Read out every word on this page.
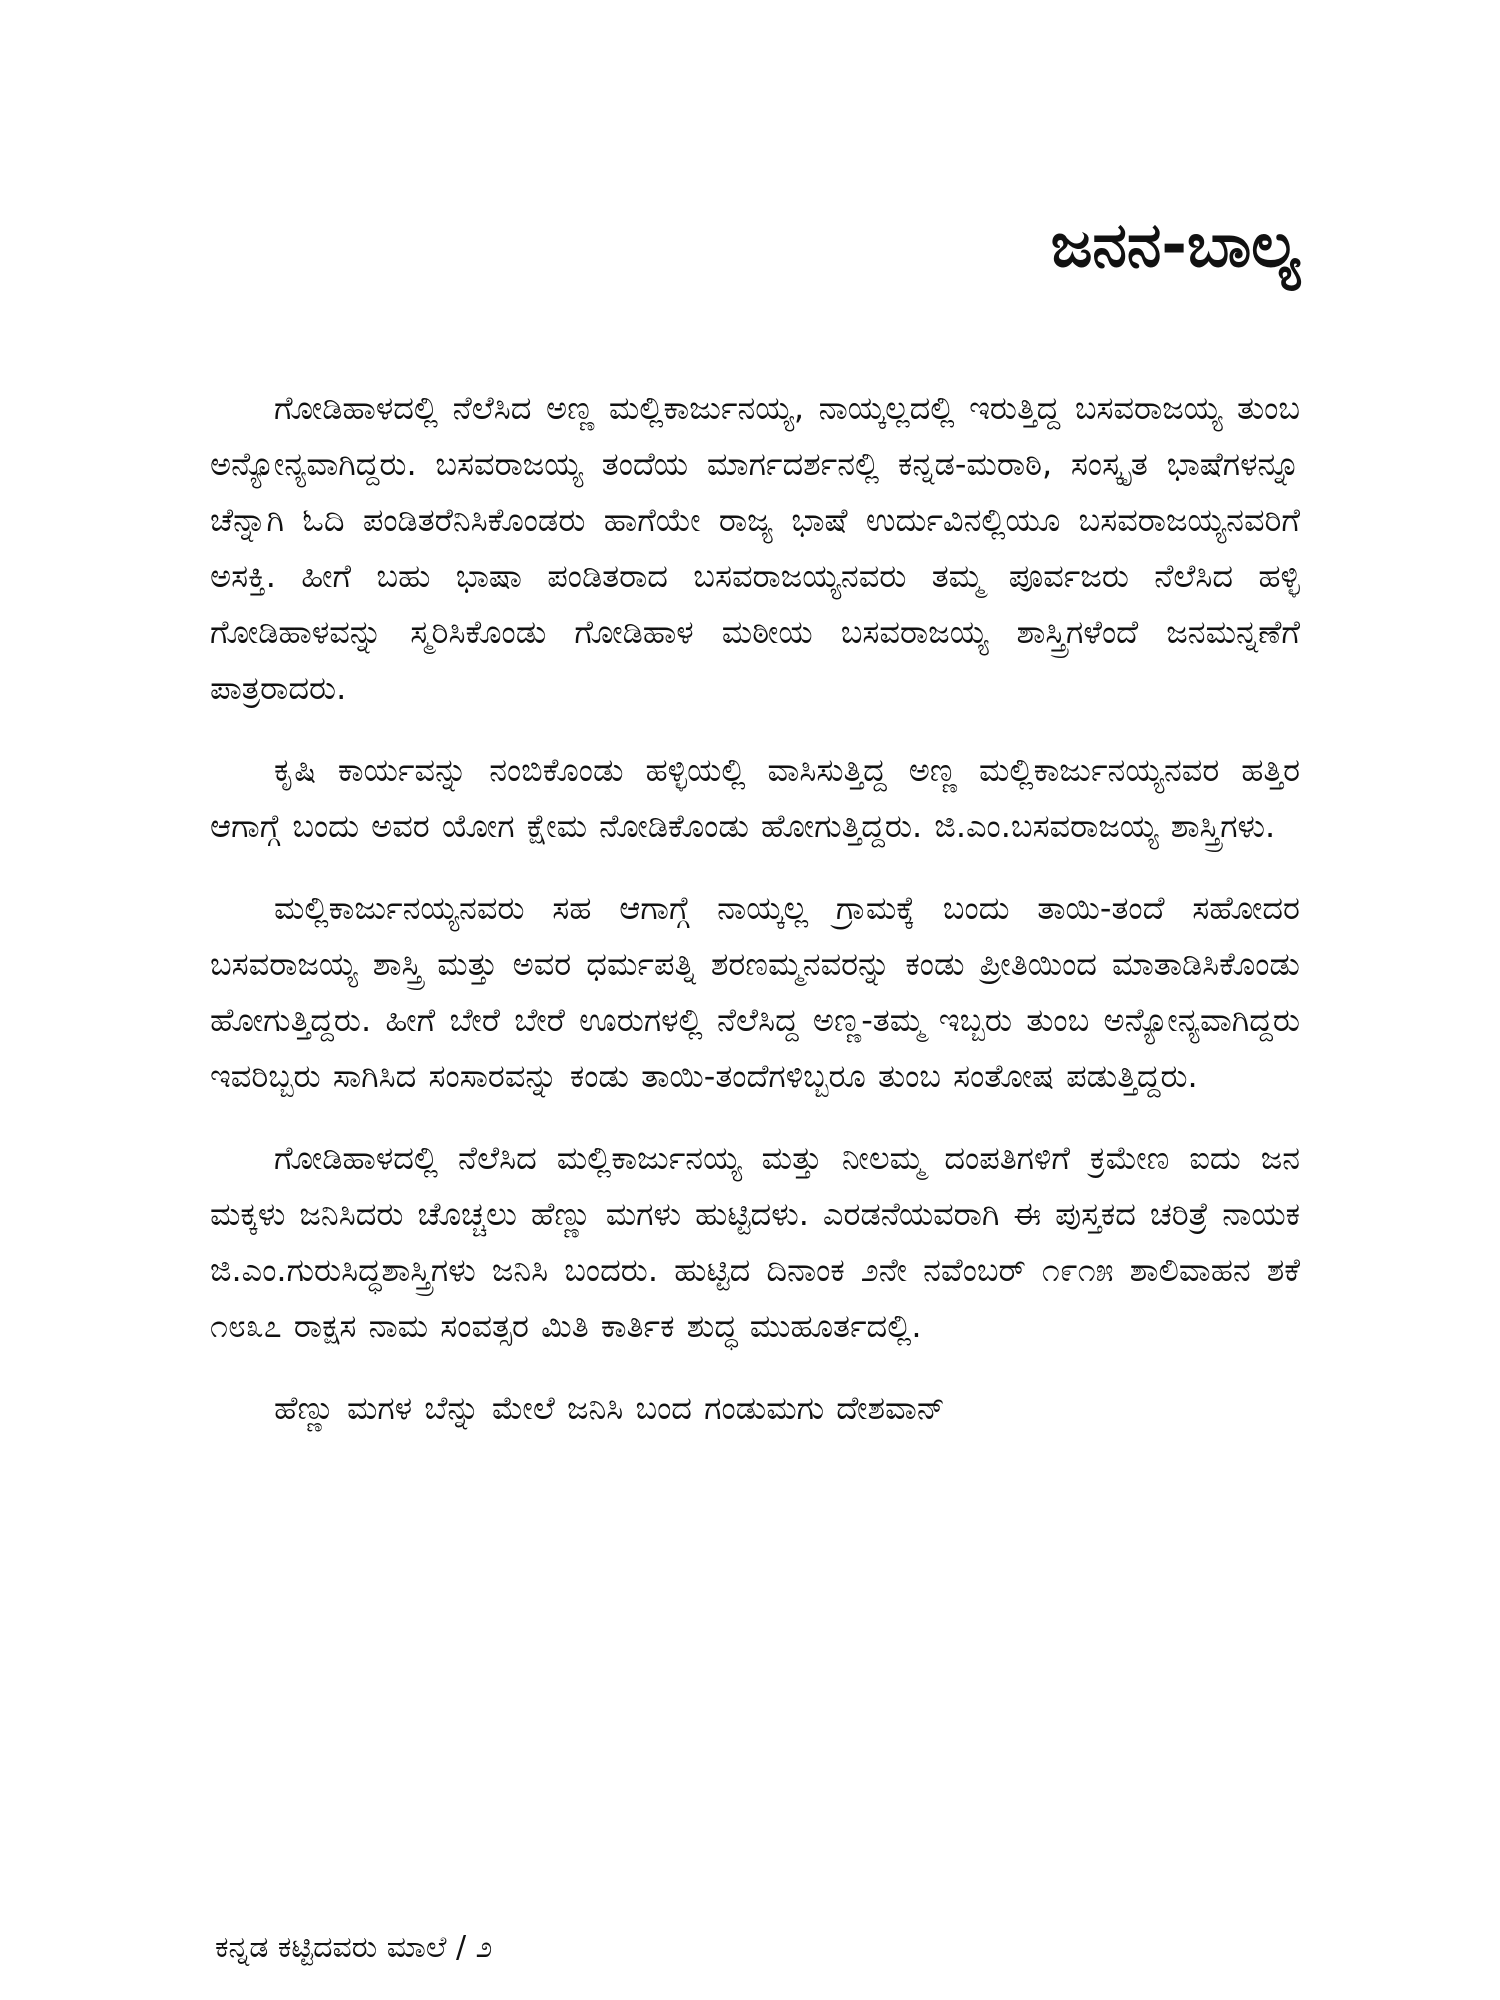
ಜನನ-ಬಾಲ್ಯ

ಗೋಡಿಹಾಳದಲ್ಲಿ ನೆಲೆಸಿದ ಅಣ್ಣ ಮಲ್ಲಿಕಾರ್ಜುನಯ್ಯ, ನಾಯ್ಕಲ್ಲದಲ್ಲಿ ಇರುತ್ತಿದ್ದ ಬಸವರಾಜಯ್ಯ ತುಂಬ ಅನ್ಯೋನ್ಯವಾಗಿದ್ದರು. ಬಸವರಾಜಯ್ಯ ತಂದೆಯ ಮಾರ್ಗದರ್ಶನಲ್ಲಿ ಕನ್ನಡ-ಮರಾಠಿ, ಸಂಸ್ಕೃತ ಭಾಷೆಗಳನ್ನೂ ಚೆನ್ನಾಗಿ ಓದಿ ಪಂಡಿತರೆನಿಸಿಕೊಂಡರು ಹಾಗೆಯೇ ರಾಜ್ಯ ಭಾಷೆ ಉರ್ದುವಿನಲ್ಲಿಯೂ ಬಸವರಾಜಯ್ಯನವರಿಗೆ ಅಸಕ್ತಿ. ಹೀಗೆ ಬಹು ಭಾಷಾ ಪಂಡಿತರಾದ ಬಸವರಾಜಯ್ಯನವರು ತಮ್ಮ ಪೂರ್ವಜರು ನೆಲೆಸಿದ ಹಳ್ಳಿ ಗೋಡಿಹಾಳವನ್ನು ಸ್ಮರಿಸಿಕೊಂಡು ಗೋಡಿಹಾಳ ಮಠೀಯ ಬಸವರಾಜಯ್ಯ ಶಾಸ್ತ್ರಿಗಳೆಂದೆ ಜನಮನ್ನಣೆಗೆ ಪಾತ್ರರಾದರು.

ಕೃಷಿ ಕಾರ್ಯವನ್ನು ನಂಬಿಕೊಂಡು ಹಳ್ಳಿಯಲ್ಲಿ ವಾಸಿಸುತ್ತಿದ್ದ ಅಣ್ಣ ಮಲ್ಲಿಕಾರ್ಜುನಯ್ಯನವರ ಹತ್ತಿರ ಆಗಾಗ್ಗೆ ಬಂದು ಅವರ ಯೋಗ ಕ್ಷೇಮ ನೋಡಿಕೊಂಡು ಹೋಗುತ್ತಿದ್ದರು. ಜಿ.ಎಂ.ಬಸವರಾಜಯ್ಯ ಶಾಸ್ತ್ರಿಗಳು.

ಮಲ್ಲಿಕಾರ್ಜುನಯ್ಯನವರು ಸಹ ಆಗಾಗ್ಗೆ ನಾಯ್ಕಲ್ಲ ಗ್ರಾಮಕ್ಕೆ ಬಂದು ತಾಯಿ-ತಂದೆ ಸಹೋದರ ಬಸವರಾಜಯ್ಯ ಶಾಸ್ತ್ರಿ ಮತ್ತು ಅವರ ಧರ್ಮಪತ್ನಿ ಶರಣಮ್ಮನವರನ್ನು ಕಂಡು ಪ್ರೀತಿಯಿಂದ ಮಾತಾಡಿಸಿಕೊಂಡು ಹೋಗುತ್ತಿದ್ದರು. ಹೀಗೆ ಬೇರೆ ಬೇರೆ ಊರುಗಳಲ್ಲಿ ನೆಲೆಸಿದ್ದ ಅಣ್ಣ-ತಮ್ಮ ಇಬ್ಬರು ತುಂಬ ಅನ್ಯೋನ್ಯವಾಗಿದ್ದರು ಇವರಿಬ್ಬರು ಸಾಗಿಸಿದ ಸಂಸಾರವನ್ನು ಕಂಡು ತಾಯಿ-ತಂದೆಗಳಿಬ್ಬರೂ ತುಂಬ ಸಂತೋಷ ಪಡುತ್ತಿದ್ದರು.

ಗೋಡಿಹಾಳದಲ್ಲಿ ನೆಲೆಸಿದ ಮಲ್ಲಿಕಾರ್ಜುನಯ್ಯ ಮತ್ತು ನೀಲಮ್ಮ ದಂಪತಿಗಳಿಗೆ ಕ್ರಮೇಣ ಐದು ಜನ ಮಕ್ಕಳು ಜನಿಸಿದರು ಚೊಚ್ಚಲು ಹೆಣ್ಣು ಮಗಳು ಹುಟ್ಟಿದಳು. ಎರಡನೆಯವರಾಗಿ ಈ ಪುಸ್ತಕದ ಚರಿತ್ರೆ ನಾಯಕ ಜಿ.ಎಂ.ಗುರುಸಿದ್ಧಶಾಸ್ತ್ರಿಗಳು ಜನಿಸಿ ಬಂದರು. ಹುಟ್ಟಿದ ದಿನಾಂಕ ೨ನೇ ನವೆಂಬರ್ ೧೯೧೫ ಶಾಲಿವಾಹನ ಶಕೆ ೧೮೩೭ ರಾಕ್ಷಸ ನಾಮ ಸಂವತ್ಸರ ಮಿತಿ ಕಾರ್ತಿಕ ಶುದ್ಧ ಮುಹೂರ್ತದಲ್ಲಿ.

ಹೆಣ್ಣು ಮಗಳ ಬೆನ್ನು ಮೇಲೆ ಜನಿಸಿ ಬಂದ ಗಂಡುಮಗು ದೇಶವಾನ್

ಕನ್ನಡ ಕಟ್ಟಿದವರು ಮಾಲೆ / ೨
